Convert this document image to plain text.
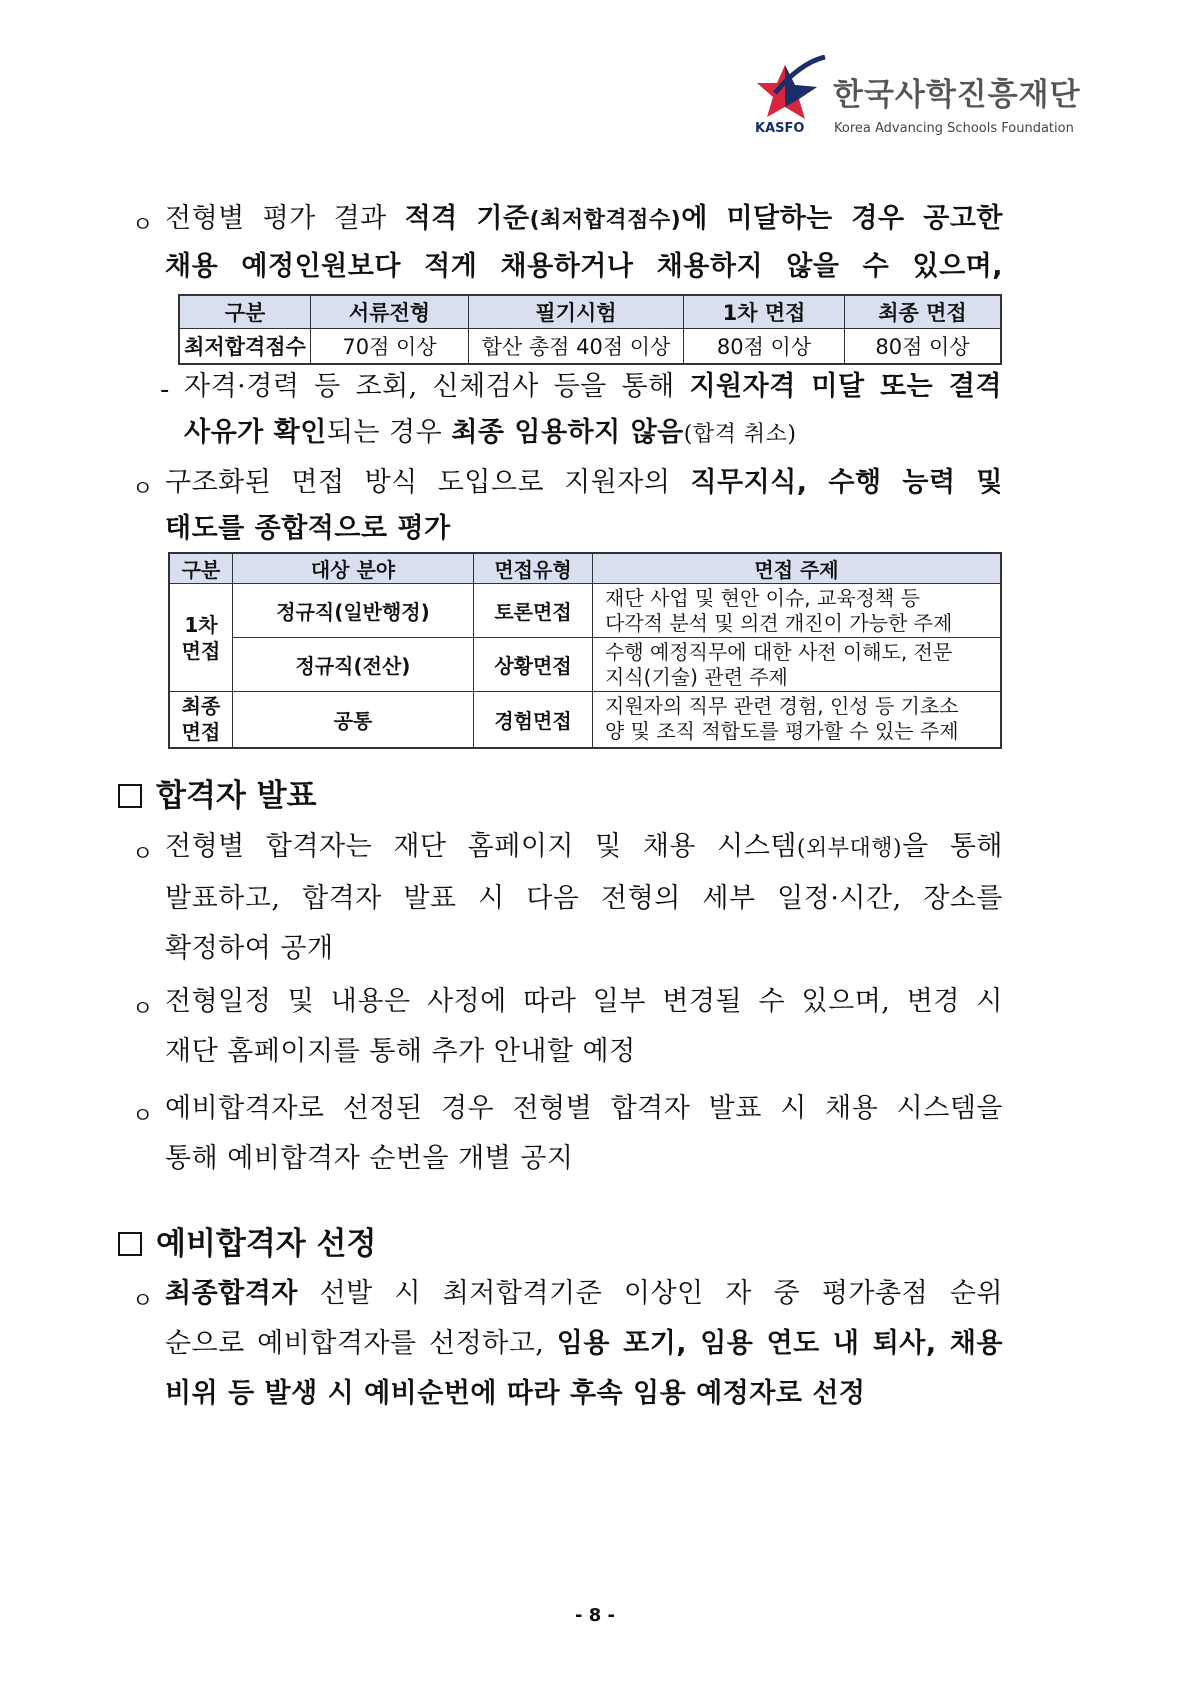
한국사학진흥재단
KASFO Korea Advancing Schools Foundation
ㅇ 전형별 평가 결과 적격 기준(최저합격점수)에 미달하는 경우 공고한
채용 예정인원보다 적게 채용하거나 채용하지 않을 수 있으며,
구분	서류전형	필기시험	1차 면접	최종 면접
최저합격점수	70점 이상	합산 총점 40점 이상	80점 이상	80점 이상
- 자격·경력 등 조회, 신체검사 등을 통해 지원자격 미달 또는 결격
사유가 확인되는 경우 최종 임용하지 않음(합격 취소)
ㅇ 구조화된 면접 방식 도입으로 지원자의 직무지식, 수행 능력 및
태도를 종합적으로 평가
구분	대상 분야	면접유형	면접 주제
1차 면접	정규직(일반행정)	토론면접	재단 사업 및 현안 이슈, 교육정책 등
다각적 분석 및 의견 개진이 가능한 주제
	정규직(전산)	상황면접	수행 예정직무에 대한 사전 이해도, 전문
지식(기술) 관련 주제
최종 면접	공통	경험면접	지원자의 직무 관련 경험, 인성 등 기초소
양 및 조직 적합도를 평가할 수 있는 주제
합격자 발표
ㅇ 전형별 합격자는 재단 홈페이지 및 채용 시스템(외부대행)을 통해
발표하고, 합격자 발표 시 다음 전형의 세부 일정·시간, 장소를
확정하여 공개
ㅇ 전형일정 및 내용은 사정에 따라 일부 변경될 수 있으며, 변경 시
재단 홈페이지를 통해 추가 안내할 예정
ㅇ 예비합격자로 선정된 경우 전형별 합격자 발표 시 채용 시스템을
통해 예비합격자 순번을 개별 공지
예비합격자 선정
ㅇ 최종합격자 선발 시 최저합격기준 이상인 자 중 평가총점 순위
순으로 예비합격자를 선정하고, 임용 포기, 임용 연도 내 퇴사, 채용
비위 등 발생 시 예비순번에 따라 후속 임용 예정자로 선정
- 8 -
